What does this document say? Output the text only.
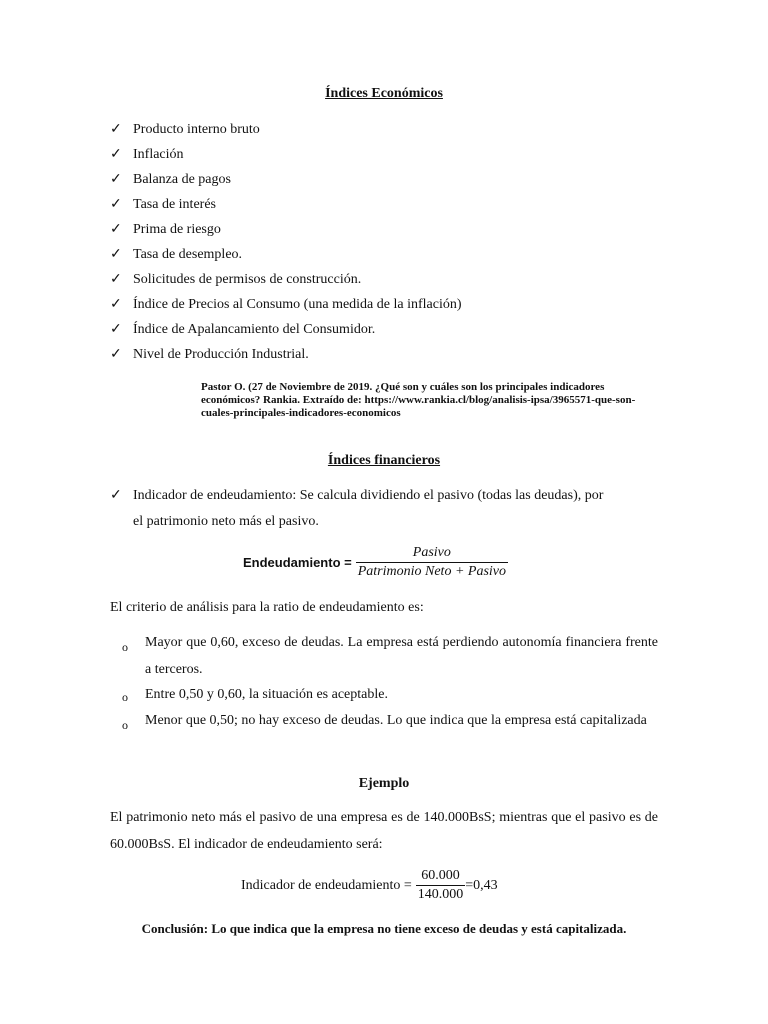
Índices Económicos
✓ Producto interno bruto
✓ Inflación
✓ Balanza de pagos
✓ Tasa de interés
✓ Prima de riesgo
✓ Tasa de desempleo.
✓ Solicitudes de permisos de construcción.
✓ Índice de Precios al Consumo (una medida de la inflación)
✓ Índice de Apalancamiento del Consumidor.
✓ Nivel de Producción Industrial.
Pastor O. (27 de Noviembre de 2019. ¿Qué son y cuáles son los principales indicadores económicos? Rankia. Extraído de: https://www.rankia.cl/blog/analisis-ipsa/3965571-que-son-cuales-principales-indicadores-economicos
Índices financieros
✓ Indicador de endeudamiento: Se calcula dividiendo el pasivo (todas las deudas), por
el patrimonio neto más el pasivo.
Endeudamiento = $\frac{\text{Pasivo}}{\text{Patrimonio Neto + Pasivo}}$
El criterio de análisis para la ratio de endeudamiento es:
o Mayor que 0,60, exceso de deudas. La empresa está perdiendo autonomía financiera frente a terceros.
o Entre 0,50 y 0,60, la situación es aceptable.
o Menor que 0,50; no hay exceso de deudas. Lo que indica que la empresa está capitalizada
Ejemplo
El patrimonio neto más el pasivo de una empresa es de 140.000BsS; mientras que el pasivo es de 60.000BsS. El indicador de endeudamiento será:
Indicador de endeudamiento = $\frac{60.000}{140.000} =0,43$
Conclusión: Lo que indica que la empresa no tiene exceso de deudas y está capitalizada.
